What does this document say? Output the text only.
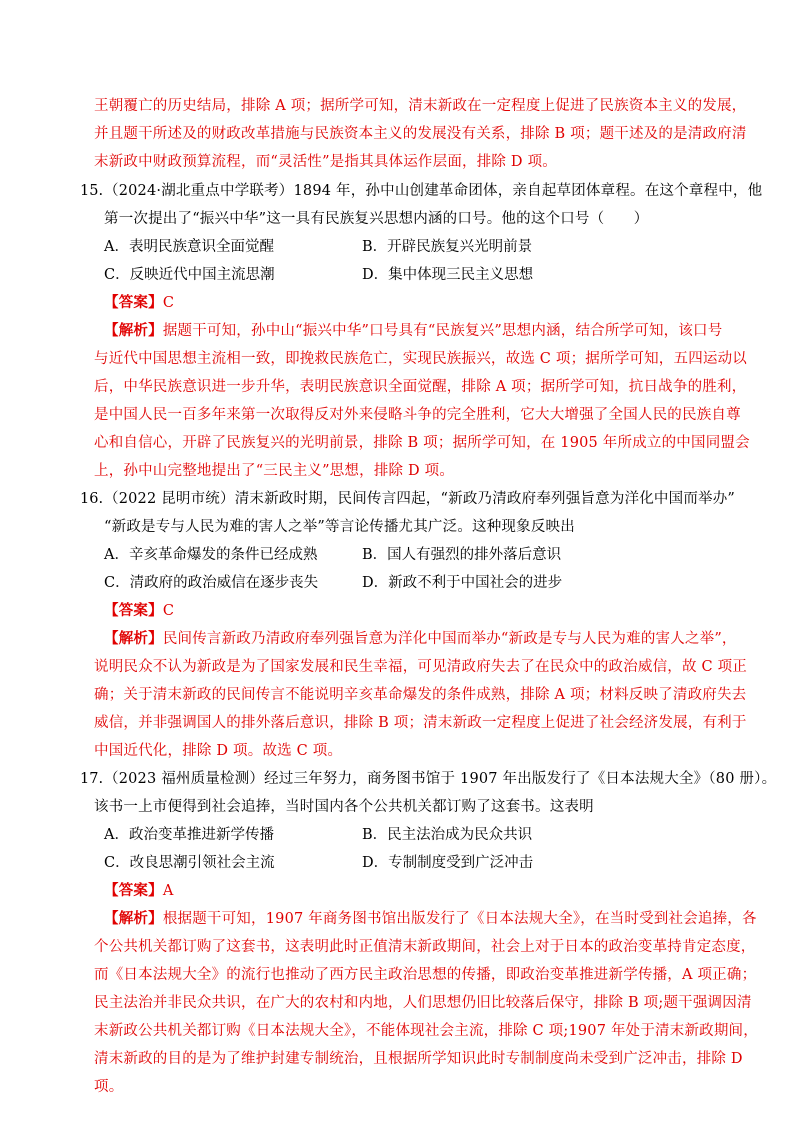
王朝覆亡的历史结局，排除 A 项；据所学可知，清末新政在一定程度上促进了民族资本主义的发展，
并且题干所述及的财政改革措施与民族资本主义的发展没有关系，排除 B 项；题干述及的是清政府清
末新政中财政预算流程，而“灵活性”是指其具体运作层面，排除 D 项。
15. （2024·湖北重点中学联考）1894 年，孙中山创建革命团体，亲自起草团体章程。在这个章程中，他
第一次提出了“振兴中华”这一具有民族复兴思想内涵的口号。他的这个口号（　　）
A．表明民族意识全面觉醒	B．开辟民族复兴光明前景
C．反映近代中国主流思潮	D．集中体现三民主义思想
【答案】C
【解析】据题干可知，孙中山“振兴中华”口号具有“民族复兴”思想内涵，结合所学可知，该口号
与近代中国思想主流相一致，即挽救民族危亡，实现民族振兴，故选 C 项；据所学可知，五四运动以
后，中华民族意识进一步升华，表明民族意识全面觉醒，排除 A 项；据所学可知，抗日战争的胜利，
是中国人民一百多年来第一次取得反对外来侵略斗争的完全胜利，它大大增强了全国人民的民族自尊
心和自信心，开辟了民族复兴的光明前景，排除 B 项；据所学可知，在 1905 年所成立的中国同盟会
上，孙中山完整地提出了“三民主义”思想，排除 D 项。
16. （2022 昆明市统）清末新政时期，民间传言四起，“新政乃清政府奉列强旨意为洋化中国而举办”
“新政是专与人民为难的害人之举”等言论传播尤其广泛。这种现象反映出
A．辛亥革命爆发的条件已经成熟	B．国人有强烈的排外落后意识
C．清政府的政治威信在逐步丧失	D．新政不利于中国社会的进步
【答案】C
【解析】民间传言新政乃清政府奉列强旨意为洋化中国而举办“新政是专与人民为难的害人之举”，
说明民众不认为新政是为了国家发展和民生幸福，可见清政府失去了在民众中的政治威信，故 C 项正
确；关于清末新政的民间传言不能说明辛亥革命爆发的条件成熟，排除 A 项；材料反映了清政府失去
威信，并非强调国人的排外落后意识，排除 B 项；清末新政一定程度上促进了社会经济发展，有利于
中国近代化，排除 D 项。故选 C 项。
17. （2023 福州质量检测）经过三年努力，商务图书馆于 1907 年出版发行了《日本法规大全》（80 册）。
该书一上市便得到社会追捧，当时国内各个公共机关都订购了这套书。这表明
A．政治变革推进新学传播	B．民主法治成为民众共识
C．改良思潮引领社会主流	D．专制制度受到广泛冲击
【答案】A
【解析】根据题干可知，1907 年商务图书馆出版发行了《日本法规大全》，在当时受到社会追捧，各
个公共机关都订购了这套书，这表明此时正值清末新政期间，社会上对于日本的政治变革持肯定态度，
而《日本法规大全》的流行也推动了西方民主政治思想的传播，即政治变革推进新学传播，A 项正确；
民主法治并非民众共识，在广大的农村和内地，人们思想仍旧比较落后保守，排除 B 项;题干强调因清
末新政公共机关都订购《日本法规大全》，不能体现社会主流，排除 C 项;1907 年处于清末新政期间，
清末新政的目的是为了维护封建专制统治，且根据所学知识此时专制制度尚未受到广泛冲击，排除 D
项。
